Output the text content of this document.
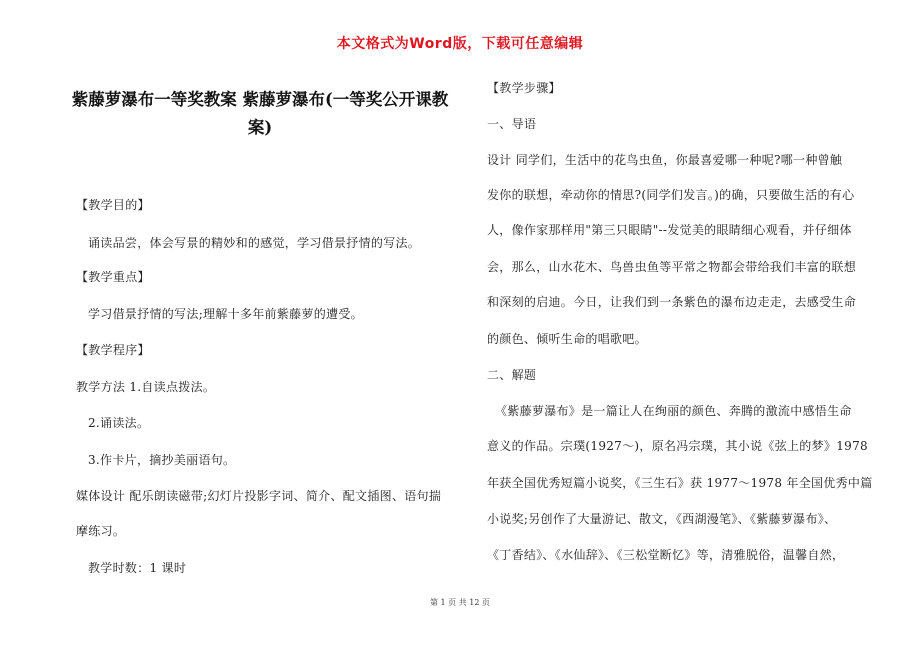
本文格式为Word版，下载可任意编辑
紫藤萝瀑布一等奖教案 紫藤萝瀑布(一等奖公开课教
案)
【教学目的】
诵读品尝，体会写景的精妙和的感觉，学习借景抒情的写法。
【教学重点】
学习借景抒情的写法;理解十多年前紫藤萝的遭受。
【教学程序】
教学方法 1.自读点拨法。
2.诵读法。
3.作卡片，摘抄美丽语句。
媒体设计 配乐朗读磁带;幻灯片投影字词、简介、配文插图、语句揣
摩练习。
教学时数：1 课时
【教学步骤】
一、导语
设计 同学们，生活中的花鸟虫鱼，你最喜爱哪一种呢?哪一种曾触
发你的联想，牵动你的情思?(同学们发言。)的确，只要做生活的有心
人，像作家那样用"第三只眼睛"--发觉美的眼睛细心观看，并仔细体
会，那么，山水花木、鸟兽虫鱼等平常之物都会带给我们丰富的联想
和深刻的启迪。今日，让我们到一条紫色的瀑布边走走，去感受生命
的颜色、倾听生命的唱歌吧。
二、解题
《紫藤萝瀑布》是一篇让人在绚丽的颜色、奔腾的激流中感悟生命
意义的作品。宗璞(1927～)，原名冯宗璞，其小说《弦上的梦》1978
年获全国优秀短篇小说奖，《三生石》获 1977～1978 年全国优秀中篇
小说奖;另创作了大量游记、散文，《西湖漫笔》、《紫藤萝瀑布》、
《丁香结》、《水仙辞》、《三松堂断忆》等，清雅脱俗，温馨自然，
第 1 页 共 12 页
